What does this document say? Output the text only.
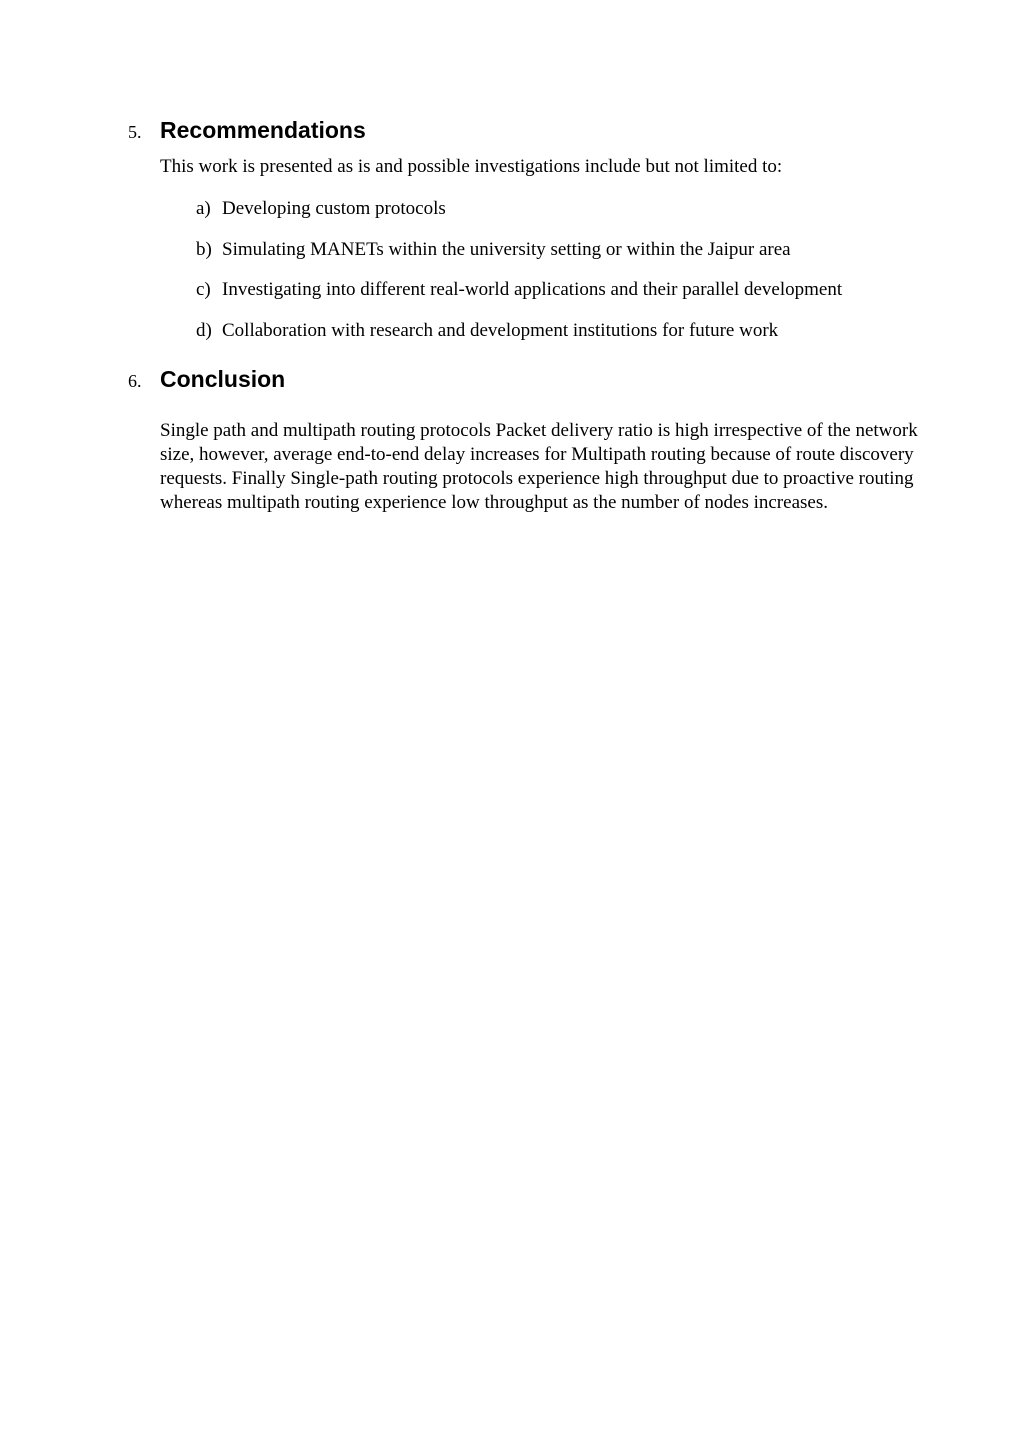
5. Recommendations
This work is presented as is and possible investigations include but not limited to:
a) Developing custom protocols
b) Simulating MANETs within the university setting or within the Jaipur area
c) Investigating into different real-world applications and their parallel development
d) Collaboration with research and development institutions for future work
6. Conclusion
Single path and multipath routing protocols Packet delivery ratio is high irrespective of the network size, however, average end-to-end delay increases for Multipath routing because of route discovery requests. Finally Single-path routing protocols experience high throughput due to proactive routing whereas multipath routing experience low throughput as the number of nodes increases.
